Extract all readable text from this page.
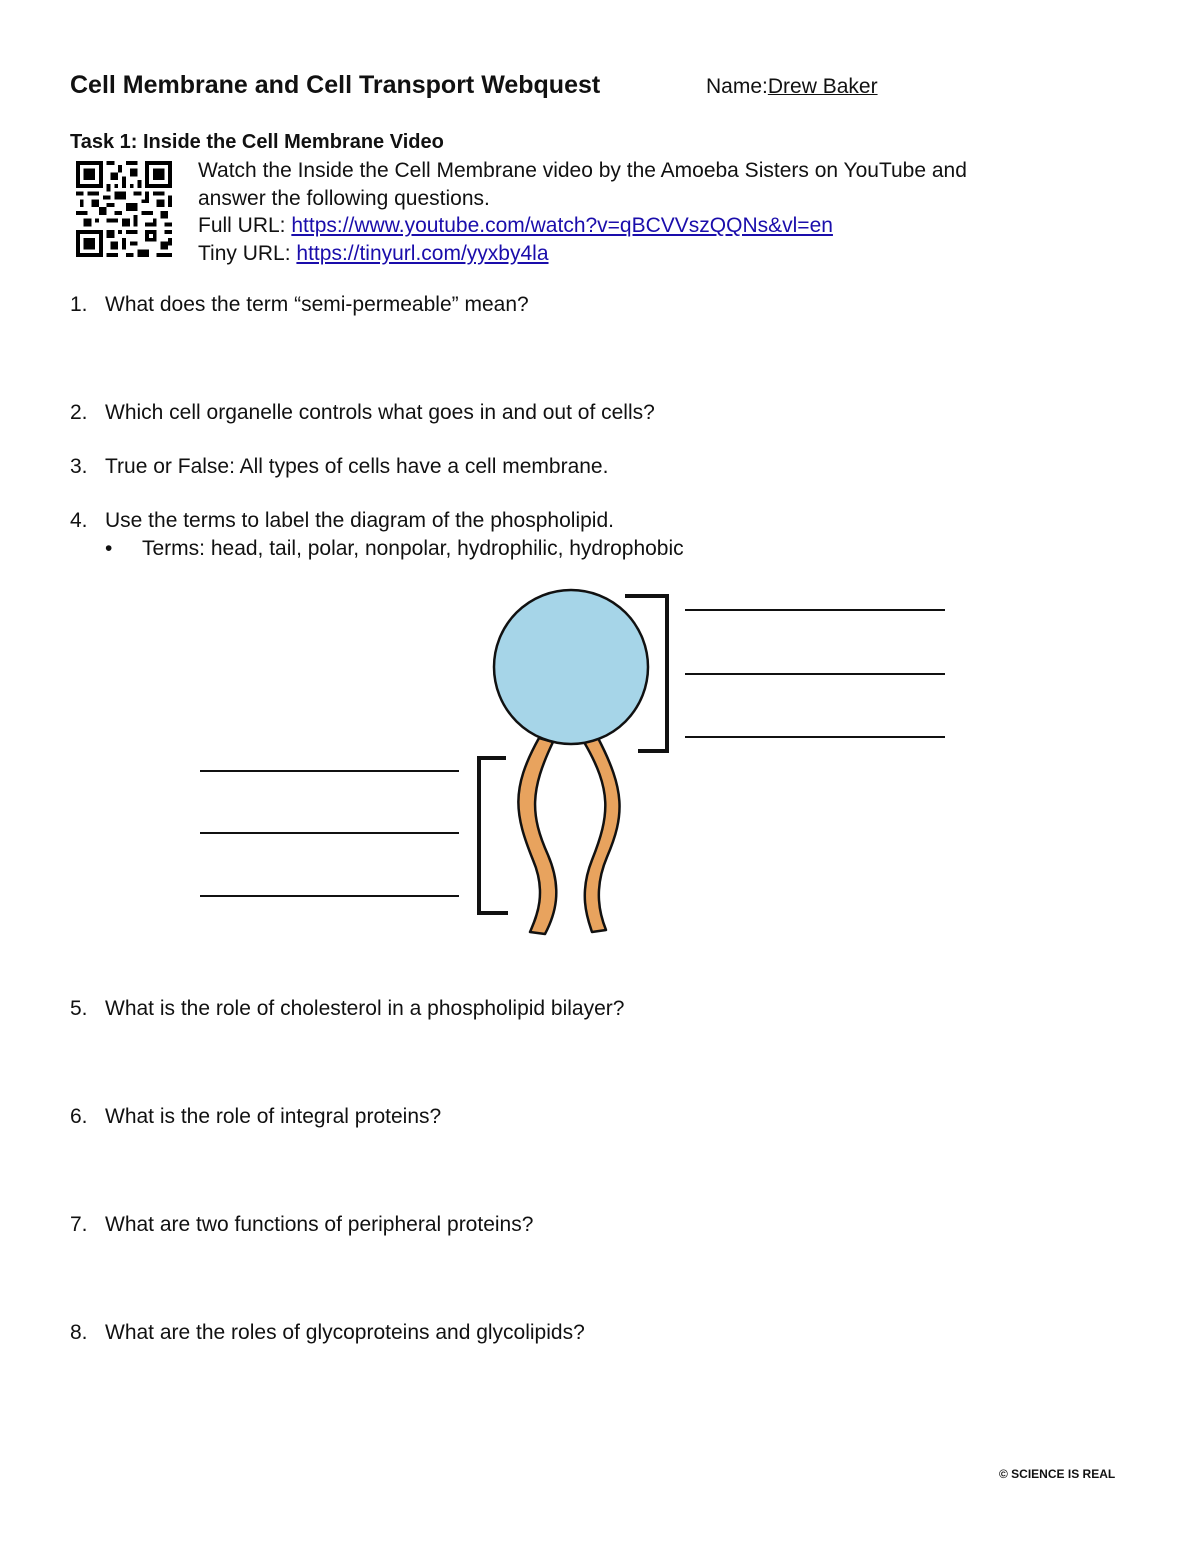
Cell Membrane and Cell Transport Webquest	Name:Drew Baker
Task 1: Inside the Cell Membrane Video
Watch the Inside the Cell Membrane video by the Amoeba Sisters on YouTube and
answer the following questions.
Full URL: https://www.youtube.com/watch?v=qBCVVszQQNs&vl=en
Tiny URL: https://tinyurl.com/yyxby4la
1. What does the term “semi-permeable” mean?
2. Which cell organelle controls what goes in and out of cells?
3. True or False: All types of cells have a cell membrane.
4. Use the terms to label the diagram of the phospholipid.
• Terms: head, tail, polar, nonpolar, hydrophilic, hydrophobic
5. What is the role of cholesterol in a phospholipid bilayer?
6. What is the role of integral proteins?
7. What are two functions of peripheral proteins?
8. What are the roles of glycoproteins and glycolipids?
© SCIENCE IS REAL
